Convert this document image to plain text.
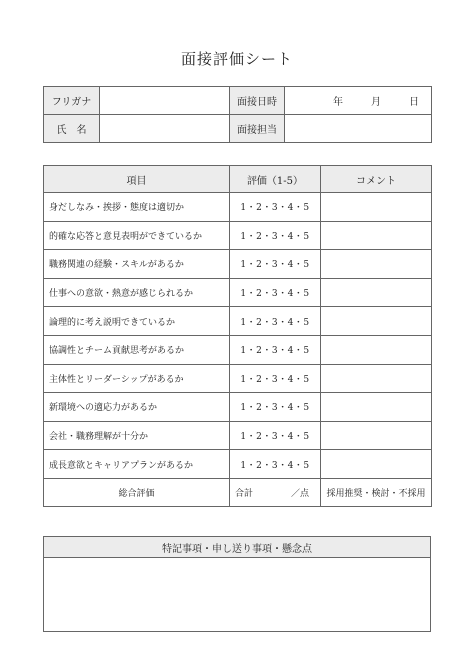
面接評価シート
フリガナ		面接日時	年 月 日
氏　名		面接担当	
項目	評価（1-5）	コメント
身だしなみ・挨拶・態度は適切か	1・2・3・4・5	
的確な応答と意見表明ができているか	1・2・3・4・5	
職務関連の経験・スキルがあるか	1・2・3・4・5	
仕事への意欲・熱意が感じられるか	1・2・3・4・5	
論理的に考え説明できているか	1・2・3・4・5	
協調性とチーム貢献思考があるか	1・2・3・4・5	
主体性とリーダーシップがあるか	1・2・3・4・5	
新環境への適応力があるか	1・2・3・4・5	
会社・職務理解が十分か	1・2・3・4・5	
成長意欲とキャリアプランがあるか	1・2・3・4・5	
総合評価	合計 ／点	採用推奨・検討・不採用
特記事項・申し送り事項・懸念点
